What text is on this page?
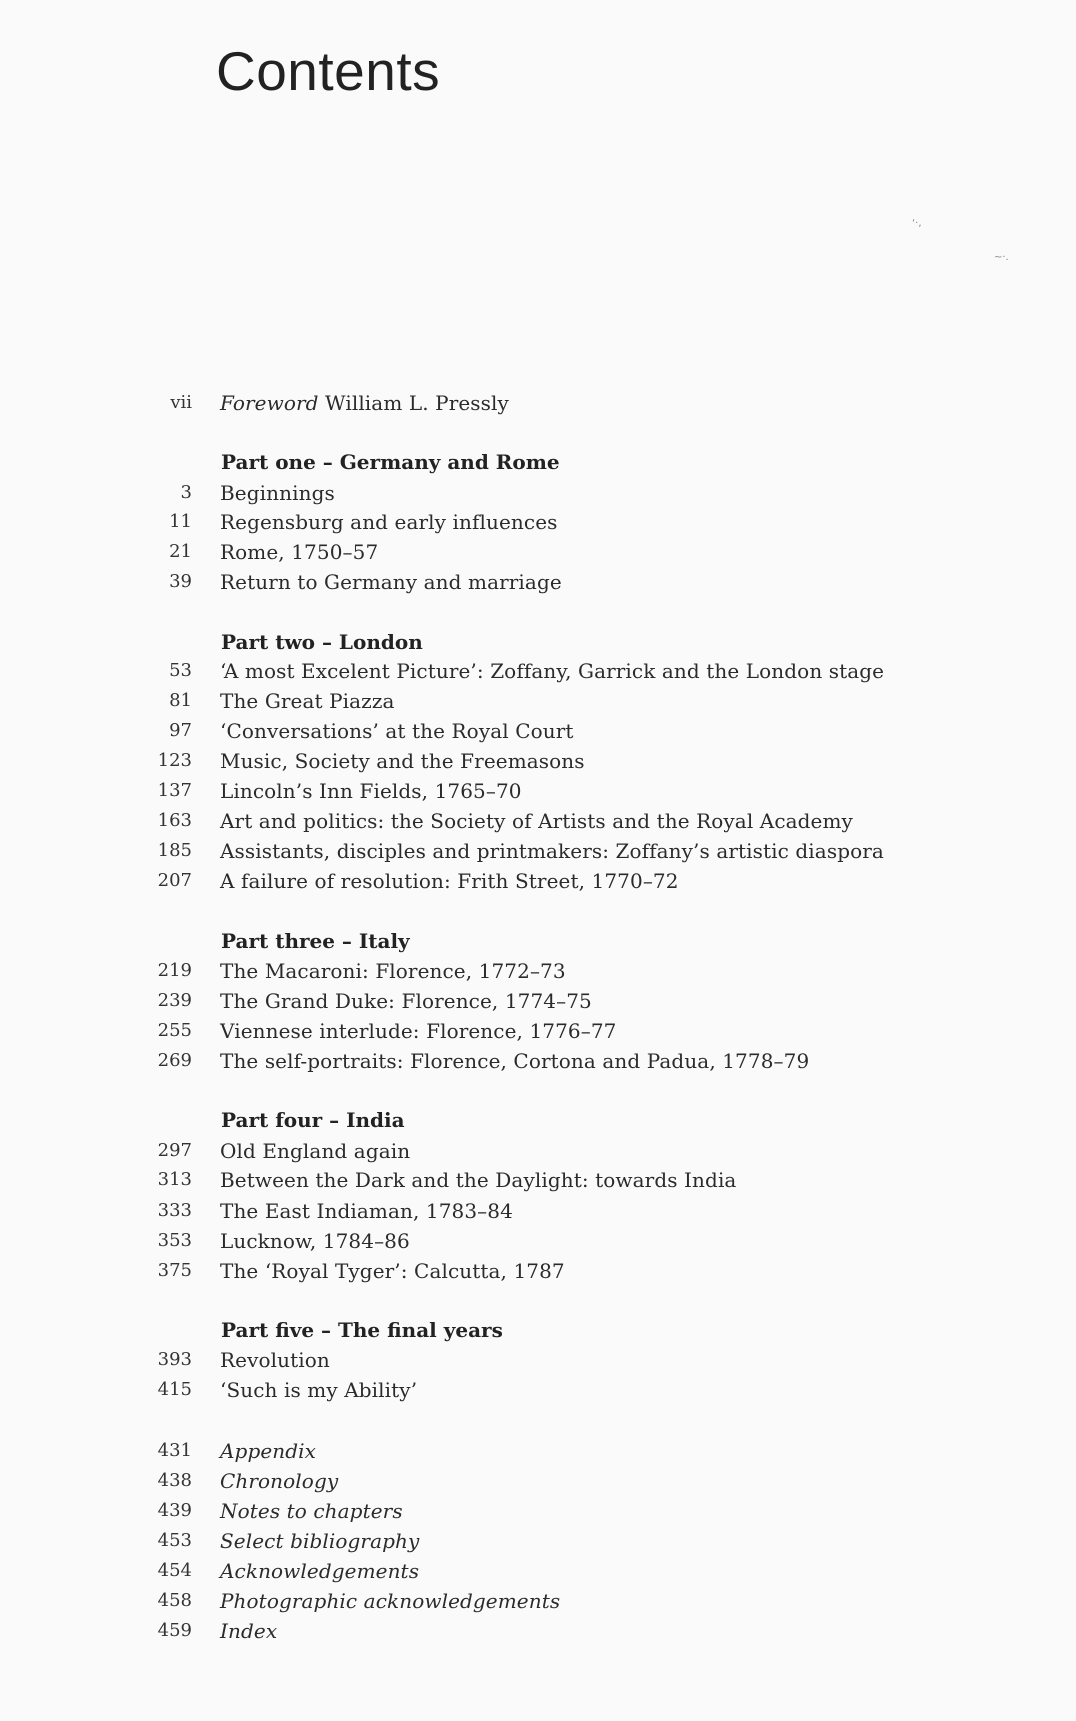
Contents
‘·,
~·.
vii Foreword William L. Pressly
Part one – Germany and Rome
3 Beginnings
11 Regensburg and early influences
21 Rome, 1750–57
39 Return to Germany and marriage
Part two – London
53 ‘A most Excelent Picture’: Zoffany, Garrick and the London stage
81 The Great Piazza
97 ‘Conversations’ at the Royal Court
123 Music, Society and the Freemasons
137 Lincoln’s Inn Fields, 1765–70
163 Art and politics: the Society of Artists and the Royal Academy
185 Assistants, disciples and printmakers: Zoffany’s artistic diaspora
207 A failure of resolution: Frith Street, 1770–72
Part three – Italy
219 The Macaroni: Florence, 1772–73
239 The Grand Duke: Florence, 1774–75
255 Viennese interlude: Florence, 1776–77
269 The self-portraits: Florence, Cortona and Padua, 1778–79
Part four – India
297 Old England again
313 Between the Dark and the Daylight: towards India
333 The East Indiaman, 1783–84
353 Lucknow, 1784–86
375 The ‘Royal Tyger’: Calcutta, 1787
Part five – The final years
393 Revolution
415 ‘Such is my Ability’
431 Appendix
438 Chronology
439 Notes to chapters
453 Select bibliography
454 Acknowledgements
458 Photographic acknowledgements
459 Index
